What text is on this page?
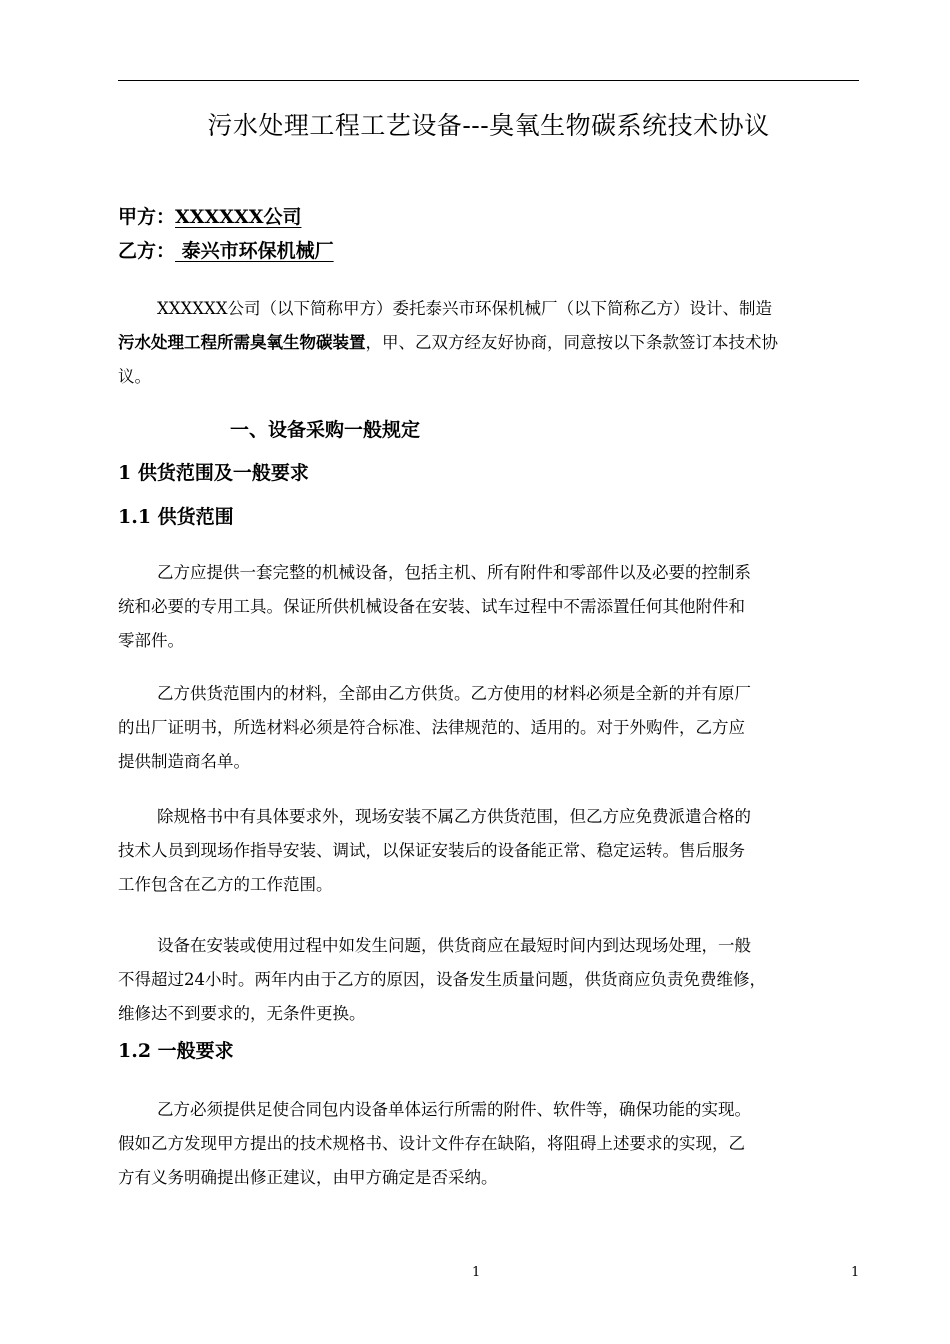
污水处理工程工艺设备---臭氧生物碳系统技术协议
甲方：XXXXXX公司
乙方： 泰兴市环保机械厂
XXXXXX公司（以下简称甲方）委托泰兴市环保机械厂（以下简称乙方）设计、制造
污水处理工程所需臭氧生物碳装置，甲、乙双方经友好协商，同意按以下条款签订本技术协
议。
一、设备采购一般规定
1 供货范围及一般要求
1.1 供货范围
乙方应提供一套完整的机械设备，包括主机、所有附件和零部件以及必要的控制系
统和必要的专用工具。保证所供机械设备在安装、试车过程中不需添置任何其他附件和
零部件。
乙方供货范围内的材料，全部由乙方供货。乙方使用的材料必须是全新的并有原厂
的出厂证明书，所选材料必须是符合标准、法律规范的、适用的。对于外购件，乙方应
提供制造商名单。
除规格书中有具体要求外，现场安装不属乙方供货范围，但乙方应免费派遣合格的
技术人员到现场作指导安装、调试，以保证安装后的设备能正常、稳定运转。售后服务
工作包含在乙方的工作范围。
设备在安装或使用过程中如发生问题，供货商应在最短时间内到达现场处理，一般
不得超过24小时。两年内由于乙方的原因，设备发生质量问题，供货商应负责免费维修，
维修达不到要求的，无条件更换。
1.2 一般要求
乙方必须提供足使合同包内设备单体运行所需的附件、软件等，确保功能的实现。
假如乙方发现甲方提出的技术规格书、设计文件存在缺陷，将阻碍上述要求的实现，乙
方有义务明确提出修正建议，由甲方确定是否采纳。
1	1
